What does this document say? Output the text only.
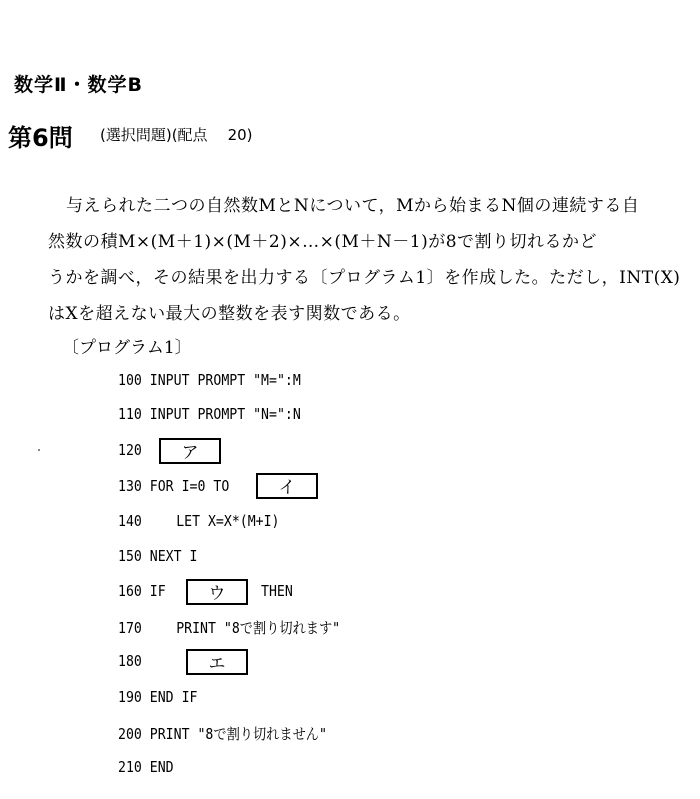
数学Ⅱ・数学B
第6問 (選択問題)(配点 20)
与えられた二つの自然数MとNについて，Mから始まるN個の連続する自
然数の積M×(M＋1)×(M＋2)×…×(M＋N－1)が8で割り切れるかど
うかを調べ，その結果を出力する〔プログラム1〕を作成した。ただし，INT(X)
はXを超えない最大の整数を表す関数である。
〔プログラム1〕
100 INPUT PROMPT "M=":M
110 INPUT PROMPT "N=":N
120	ア
130 FOR I=0 TO	イ
140 LET X=X*(M+I)
150 NEXT I
160 IF	ウ	THEN
170 PRINT "8で割り切れます"
180	エ
190 END IF
200 PRINT "8で割り切れません"
210 END
